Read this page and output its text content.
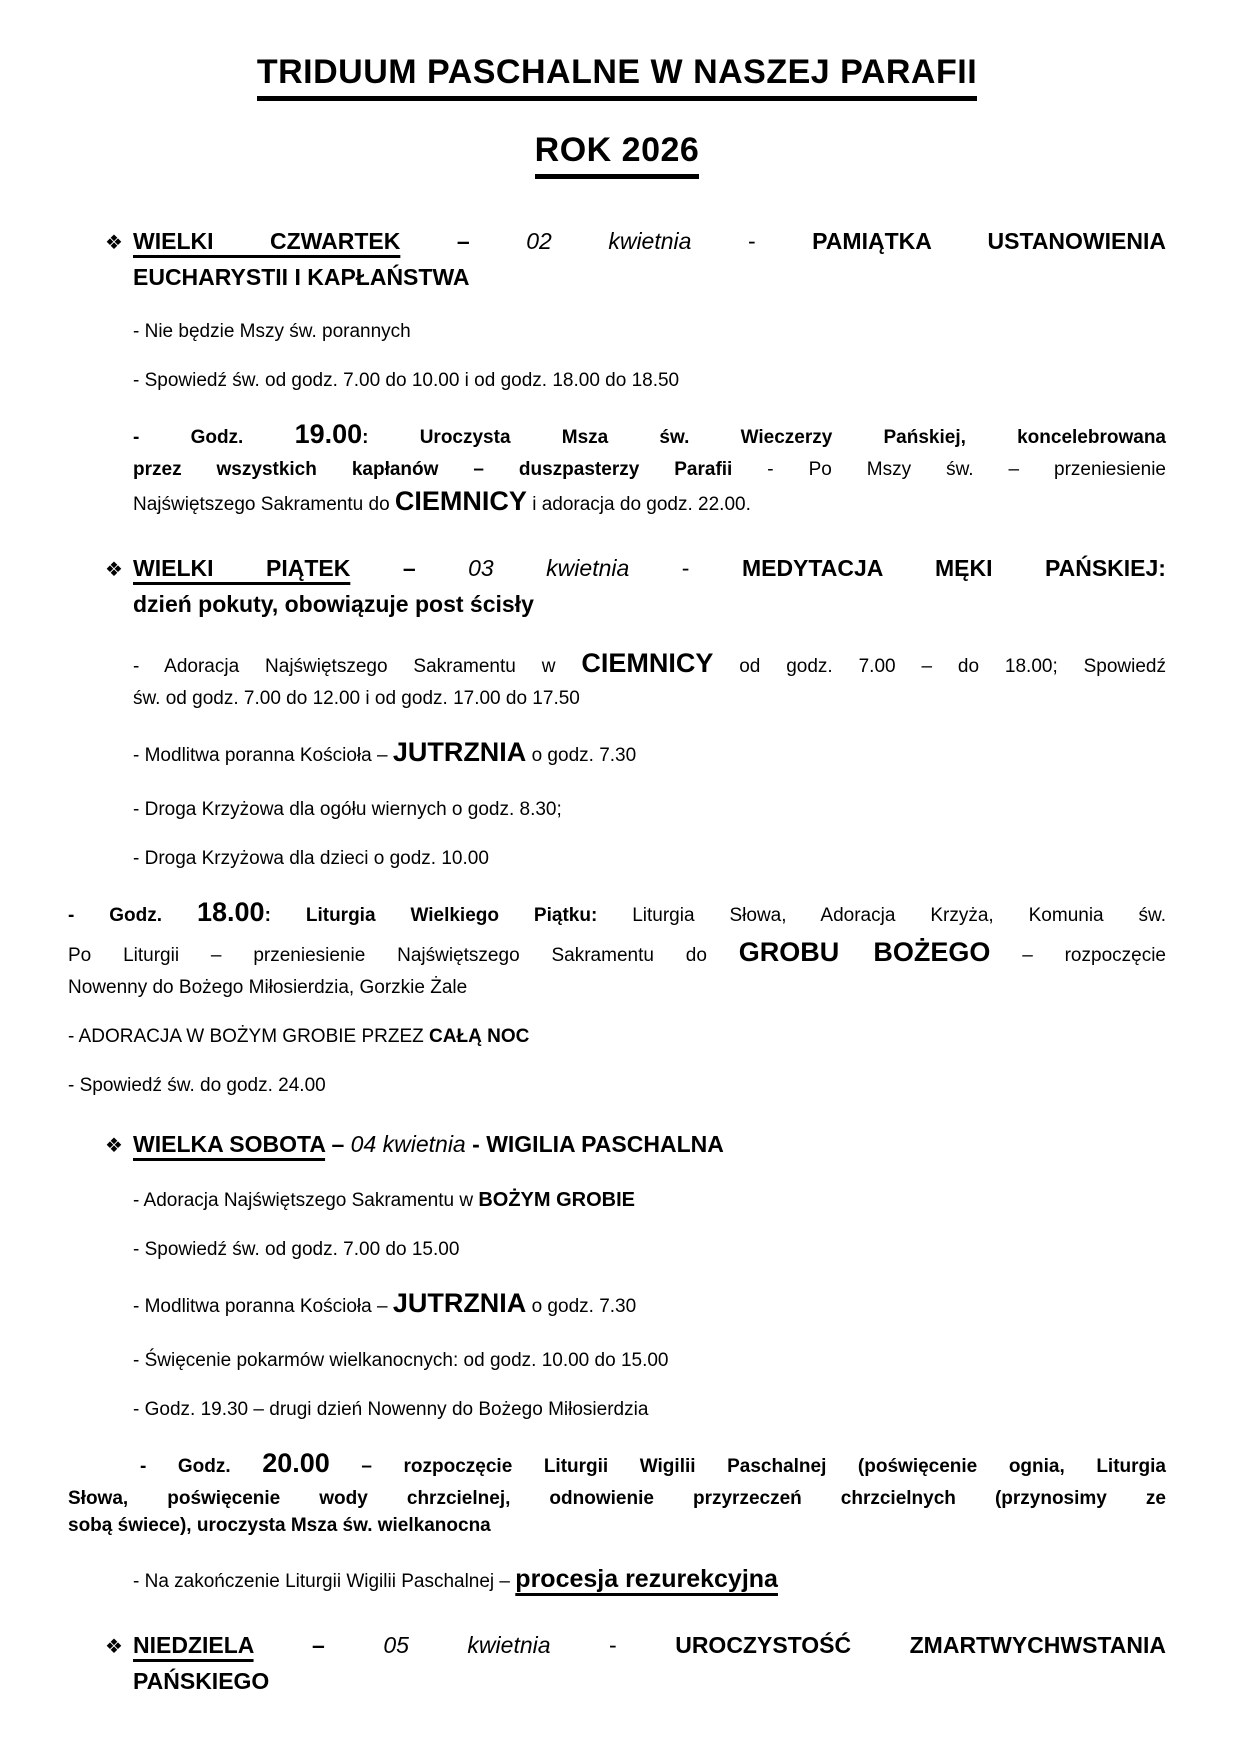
TRIDUUM PASCHALNE W NASZEJ PARAFII
ROK 2026
❖ WIELKI CZWARTEK – 02 kwietnia - PAMIĄTKA USTANOWIENIA
EUCHARYSTII I KAPŁAŃSTWA
- Nie będzie Mszy św. porannych
- Spowiedź św. od godz. 7.00 do 10.00 i od godz. 18.00 do 18.50
- Godz. 19.00: Uroczysta Msza św. Wieczerzy Pańskiej, koncelebrowana
przez wszystkich kapłanów – duszpasterzy Parafii - Po Mszy św. – przeniesienie
Najświętszego Sakramentu do CIEMNICY i adoracja do godz. 22.00.
❖ WIELKI PIĄTEK – 03 kwietnia - MEDYTACJA MĘKI PAŃSKIEJ:
dzień pokuty, obowiązuje post ścisły
- Adoracja Najświętszego Sakramentu w CIEMNICY od godz. 7.00 – do 18.00; Spowiedź
św. od godz. 7.00 do 12.00 i od godz. 17.00 do 17.50
- Modlitwa poranna Kościoła – JUTRZNIA o godz. 7.30
- Droga Krzyżowa dla ogółu wiernych o godz. 8.30;
- Droga Krzyżowa dla dzieci o godz. 10.00
- Godz. 18.00: Liturgia Wielkiego Piątku: Liturgia Słowa, Adoracja Krzyża, Komunia św.
Po Liturgii – przeniesienie Najświętszego Sakramentu do GROBU BOŻEGO – rozpoczęcie
Nowenny do Bożego Miłosierdzia, Gorzkie Żale
- ADORACJA W BOŻYM GROBIE PRZEZ CAŁĄ NOC
- Spowiedź św. do godz. 24.00
❖ WIELKA SOBOTA – 04 kwietnia - WIGILIA PASCHALNA
- Adoracja Najświętszego Sakramentu w BOŻYM GROBIE
- Spowiedź św. od godz. 7.00 do 15.00
- Modlitwa poranna Kościoła – JUTRZNIA o godz. 7.30
- Święcenie pokarmów wielkanocnych: od godz. 10.00 do 15.00
- Godz. 19.30 – drugi dzień Nowenny do Bożego Miłosierdzia
- Godz. 20.00 – rozpoczęcie Liturgii Wigilii Paschalnej (poświęcenie ognia, Liturgia
Słowa, poświęcenie wody chrzcielnej, odnowienie przyrzeczeń chrzcielnych (przynosimy ze
sobą świece), uroczysta Msza św. wielkanocna
- Na zakończenie Liturgii Wigilii Paschalnej – procesja rezurekcyjna
❖ NIEDZIELA – 05 kwietnia - UROCZYSTOŚĆ ZMARTWYCHWSTANIA
PAŃSKIEGO
